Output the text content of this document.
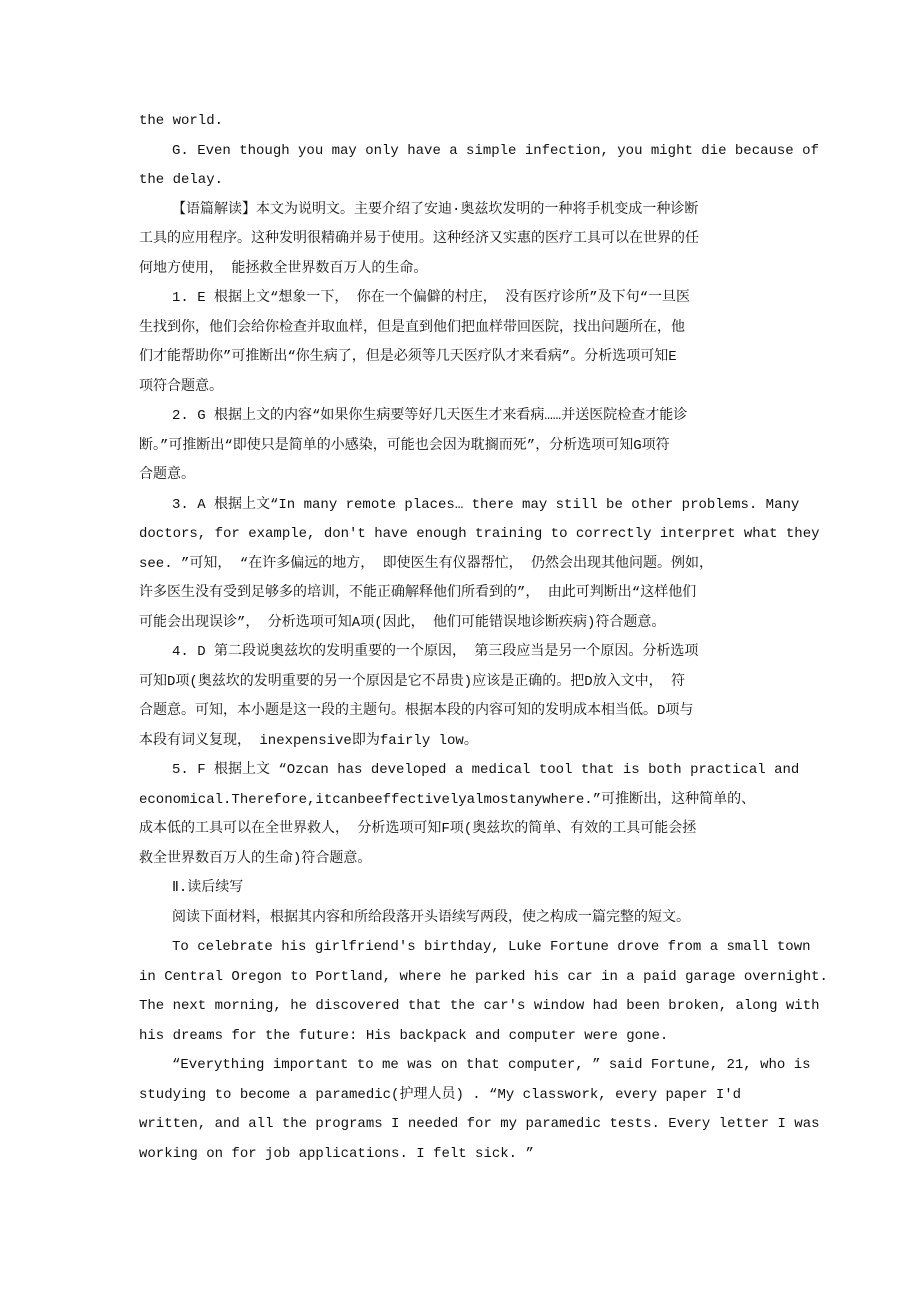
the world.
G. Even though you may only have a simple infection, you might die because of
the delay.
【语篇解读】本文为说明文。主要介绍了安迪·奥兹坎发明的一种将手机变成一种诊断
工具的应用程序。这种发明很精确并易于使用。这种经济又实惠的医疗工具可以在世界的任
何地方使用， 能拯救全世界数百万人的生命。
1. E 根据上文“想象一下， 你在一个偏僻的村庄， 没有医疗诊所”及下句“一旦医
生找到你，他们会给你检查并取血样，但是直到他们把血样带回医院，找出问题所在，他
们才能帮助你”可推断出“你生病了，但是必须等几天医疗队才来看病”。分析选项可知E
项符合题意。
2. G 根据上文的内容“如果你生病要等好几天医生才来看病……并送医院检查才能诊
断。”可推断出“即使只是简单的小感染，可能也会因为耽搁而死”，分析选项可知G项符
合题意。
3. A 根据上文“In many remote places… there may still be other problems. Many
doctors, for example, don't have enough training to correctly interpret what they
see. ”可知， “在许多偏远的地方， 即使医生有仪器帮忙， 仍然会出现其他问题。例如，
许多医生没有受到足够多的培训，不能正确解释他们所看到的”， 由此可判断出“这样他们
可能会出现误诊”， 分析选项可知A项(因此， 他们可能错误地诊断疾病)符合题意。
4. D 第二段说奥兹坎的发明重要的一个原因， 第三段应当是另一个原因。分析选项
可知D项(奥兹坎的发明重要的另一个原因是它不昂贵)应该是正确的。把D放入文中， 符
合题意。可知，本小题是这一段的主题句。根据本段的内容可知的发明成本相当低。D项与
本段有词义复现， inexpensive即为fairly low。
5. F 根据上文 “Ozcan has developed a medical tool that is both practical and
economical.Therefore,itcanbeeffectivelyalmostanywhere.”可推断出，这种简单的、
成本低的工具可以在全世界救人， 分析选项可知F项(奥兹坎的简单、有效的工具可能会拯
救全世界数百万人的生命)符合题意。
Ⅱ.读后续写
阅读下面材料，根据其内容和所给段落开头语续写两段，使之构成一篇完整的短文。
To celebrate his girlfriend's birthday, Luke Fortune drove from a small town
in Central Oregon to Portland, where he parked his car in a paid garage overnight.
The next morning, he discovered that the car's window had been broken, along with
his dreams for the future: His backpack and computer were gone.
“Everything important to me was on that computer, ” said Fortune, 21, who is
studying to become a paramedic(护理人员) . “My classwork, every paper I'd
written, and all the programs I needed for my paramedic tests. Every letter I was
working on for job applications. I felt sick. ”
